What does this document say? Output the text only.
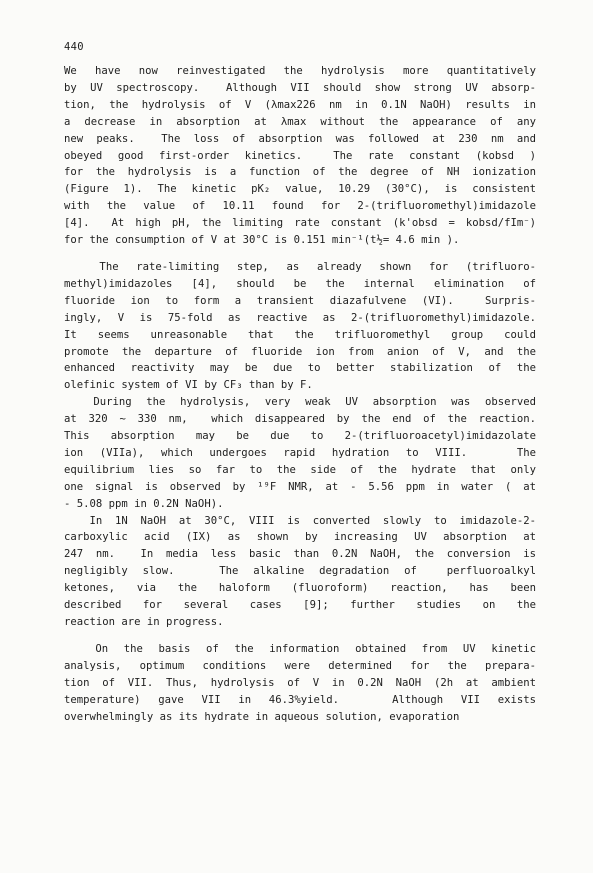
440

We have now reinvestigated the hydrolysis more quantitatively
by UV spectroscopy.  Although VII should show strong UV absorp-
tion, the hydrolysis of V (λmax226 nm in 0.1N NaOH) results in
a decrease in absorption at λmax without the appearance of any
new peaks.  The loss of absorption was followed at 230 nm and
obeyed good first-order kinetics.  The rate constant (kobsd )
for the hydrolysis is a function of the degree of NH ionization
(Figure 1). The kinetic pK₂ value, 10.29 (30°C), is consistent
with the value of 10.11 found for 2-(trifluoromethyl)imidazole
[4].  At high pH, the limiting rate constant (k'obsd = kobsd/fIm⁻)
for the consumption of V at 30°C is 0.151 min⁻¹(t½= 4.6 min ).

The rate-limiting step, as already shown for (trifluoro-
methyl)imidazoles [4], should be the internal elimination of
fluoride ion to form a transient diazafulvene (VI).  Surpris-
ingly, V is 75-fold as reactive as 2-(trifluoromethyl)imidazole.
It seems unreasonable that the trifluoromethyl group could
promote the departure of fluoride ion from anion of V, and the
enhanced reactivity may be due to better stabilization of the
olefinic system of VI by CF₃ than by F.
During the hydrolysis, very weak UV absorption was observed
at 320 ~ 330 nm,  which disappeared by the end of the reaction.
This absorption may be due to 2-(trifluoroacetyl)imidazolate
ion (VIIa), which undergoes rapid hydration to VIII.   The
equilibrium lies so far to the side of the hydrate that only
one signal is observed by ¹⁹F NMR, at - 5.56 ppm in water ( at
- 5.08 ppm in 0.2N NaOH).
In 1N NaOH at 30°C, VIII is converted slowly to imidazole-2-
carboxylic acid (IX) as shown by increasing UV absorption at
247 nm.  In media less basic than 0.2N NaOH, the conversion is
negligibly slow.   The alkaline degradation of  perfluoroalkyl
ketones, via the haloform (fluoroform) reaction, has been
described for several cases [9]; further studies on the
reaction are in progress.

On the basis of the information obtained from UV kinetic
analysis, optimum conditions were determined for the prepara-
tion of VII. Thus, hydrolysis of V in 0.2N NaOH (2h at ambient
temperature) gave VII in 46.3%yield.   Although VII exists
overwhelmingly as its hydrate in aqueous solution, evaporation
